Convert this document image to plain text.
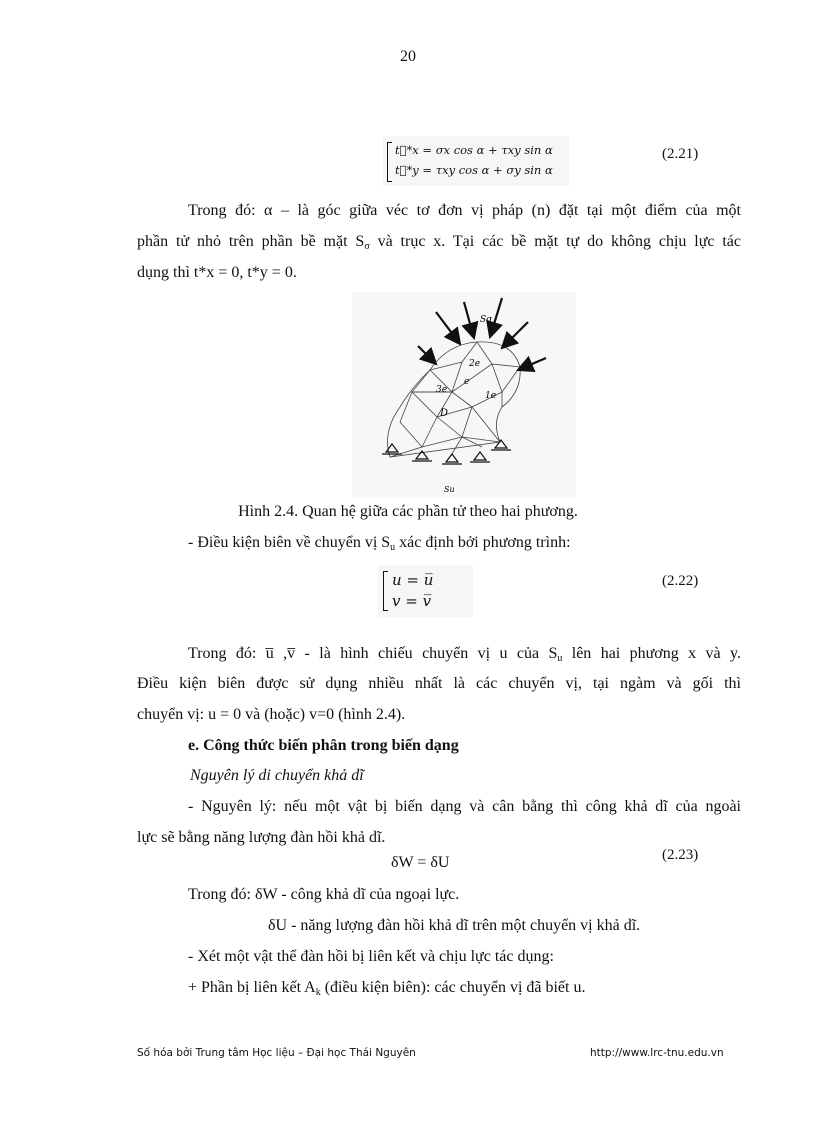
20
t⃗*x = σx cos α + τxy sin α
t⃗*y = τxy cos α + σy sin α
(2.21)
Trong đó: α – là góc giữa véc tơ đơn vị pháp (n) đặt tại một điểm của một
phần tử nhỏ trên phần bề mặt $S_\sigma$ và trục x. Tại các bề mặt tự do không chịu lực tác
dụng thì t*x = 0, t*y = 0.
Sσ
2e
e
3e
1e
D
Su
Hình 2.4. Quan hệ giữa các phần tử theo hai phương.
- Điều kiện biên về chuyển vị $S_u$ xác định bởi phương trình:
u = u̅
v = v̅
(2.22)
Trong đó: u̅ ,v̅ - là hình chiếu chuyển vị u của $S_u$ lên hai phương x và y.
Điều kiện biên được sử dụng nhiều nhất là các chuyển vị, tại ngàm và gối thì
chuyển vị: u = 0 và (hoặc) v=0 (hình 2.4).
e. Công thức biến phân trong biến dạng
Nguyên lý di chuyển khả dĩ
- Nguyên lý: nếu một vật bị biến dạng và cân bằng thì công khả dĩ của ngoài
lực sẽ bằng năng lượng đàn hồi khả dĩ.
δW = δU	(2.23)
Trong đó: δW - công khả dĩ của ngoại lực.
δU - năng lượng đàn hồi khả dĩ trên một chuyển vị khả dĩ.
- Xét một vật thể đàn hồi bị liên kết và chịu lực tác dụng:
+ Phần bị liên kết $A_k$ (điều kiện biên): các chuyển vị đã biết u.
Số hóa bởi Trung tâm Học liệu – Đại học Thái Nguyên	http://www.lrc-tnu.edu.vn
